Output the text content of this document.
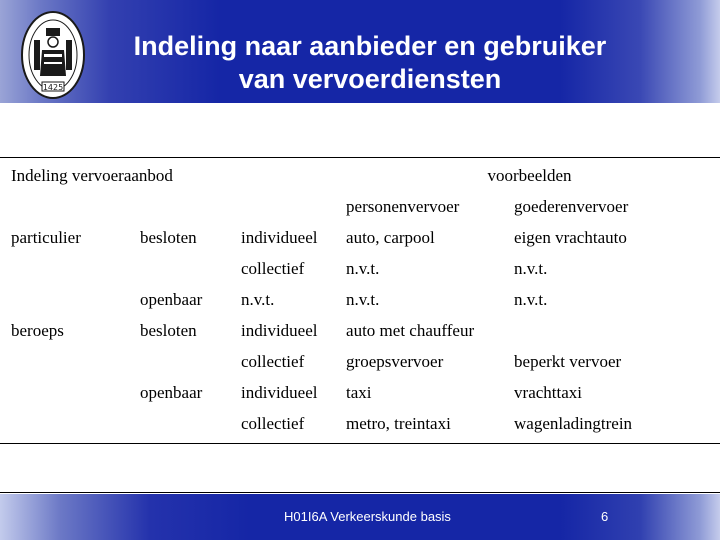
1425
Indeling naar aanbieder en gebruiker
van vervoerdiensten
Indeling vervoeraanbod			voorbeelden	
			personenvervoer	goederenvervoer
particulier	besloten	individueel	auto, carpool	eigen vrachtauto
		collectief	n.v.t.	n.v.t.
	openbaar	n.v.t.	n.v.t.	n.v.t.
beroeps	besloten	individueel	auto met chauffeur	
		collectief	groepsvervoer	beperkt vervoer
	openbaar	individueel	taxi	vrachttaxi
		collectief	metro, treintaxi	wagenladingtrein
H01I6A Verkeerskunde basis	6
